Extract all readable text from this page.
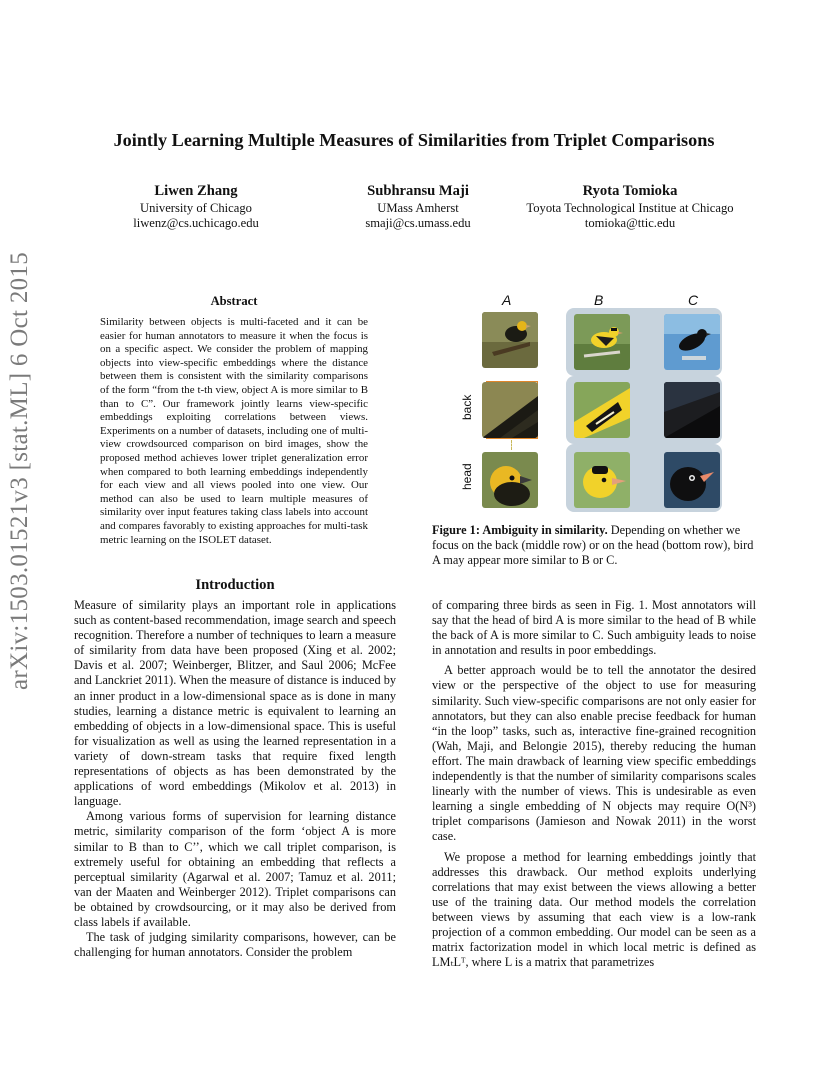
arXiv:1503.01521v3 [stat.ML] 6 Oct 2015
Jointly Learning Multiple Measures of Similarities from Triplet Comparisons
Liwen Zhang
University of Chicago
liwenz@cs.uchicago.edu
Subhransu Maji
UMass Amherst
smaji@cs.umass.edu
Ryota Tomioka
Toyota Technological Institue at Chicago
tomioka@ttic.edu
Abstract
Similarity between objects is multi-faceted and it can be easier for human annotators to measure it when the focus is on a specific aspect. We consider the problem of mapping objects into view-specific embeddings where the distance between them is consistent with the similarity comparisons of the form “from the t-th view, object A is more similar to B than to C”. Our framework jointly learns view-specific embeddings exploiting correlations between views. Experiments on a number of datasets, including one of multi-view crowdsourced comparison on bird images, show the proposed method achieves lower triplet generalization error when compared to both learning embeddings independently for each view and all views pooled into one view. Our method can also be used to learn multiple measures of similarity over input features taking class labels into account and compares favorably to existing approaches for multi-task metric learning on the ISOLET dataset.
A	B	C
back
head
Figure 1: Ambiguity in similarity. Depending on whether we focus on the back (middle row) or on the head (bottom row), bird A may appear more similar to B or C.
Introduction

Measure of similarity plays an important role in applications such as content-based recommendation, image search and speech recognition. Therefore a number of techniques to learn a measure of similarity from data have been proposed (Xing et al. 2002; Davis et al. 2007; Weinberger, Blitzer, and Saul 2006; McFee and Lanckriet 2011). When the measure of distance is induced by an inner product in a low-dimensional space as is done in many studies, learning a distance metric is equivalent to learning an embedding of objects in a low-dimensional space. This is useful for visualization as well as using the learned representation in a variety of down-stream tasks that require fixed length representations of objects as has been demonstrated by the applications of word embeddings (Mikolov et al. 2013) in language.

Among various forms of supervision for learning distance metric, similarity comparison of the form ‘object A is more similar to B than to C’’, which we call triplet comparison, is extremely useful for obtaining an embedding that reflects a perceptual similarity (Agarwal et al. 2007; Tamuz et al. 2011; van der Maaten and Weinberger 2012). Triplet comparisons can be obtained by crowdsourcing, or it may also be derived from class labels if available.

The task of judging similarity comparisons, however, can be challenging for human annotators. Consider the problem

of comparing three birds as seen in Fig. 1. Most annotators will say that the head of bird A is more similar to the head of B while the back of A is more similar to C. Such ambiguity leads to noise in annotation and results in poor embeddings.

A better approach would be to tell the annotator the desired view or the perspective of the object to use for measuring similarity. Such view-specific comparisons are not only easier for annotators, but they can also enable precise feedback for human “in the loop” tasks, such as, interactive fine-grained recognition (Wah, Maji, and Belongie 2015), thereby reducing the human effort. The main drawback of learning view specific embeddings independently is that the number of similarity comparisons scales linearly with the number of views. This is undesirable as even learning a single embedding of N objects may require O(N³) triplet comparisons (Jamieson and Nowak 2011) in the worst case.

We propose a method for learning embeddings jointly that addresses this drawback. Our method exploits underlying correlations that may exist between the views allowing a better use of the training data. Our method models the correlation between views by assuming that each view is a low-rank projection of a common embedding. Our model can be seen as a matrix factorization model in which local metric is defined as LMₜLᵀ, where L is a matrix that parametrizes
